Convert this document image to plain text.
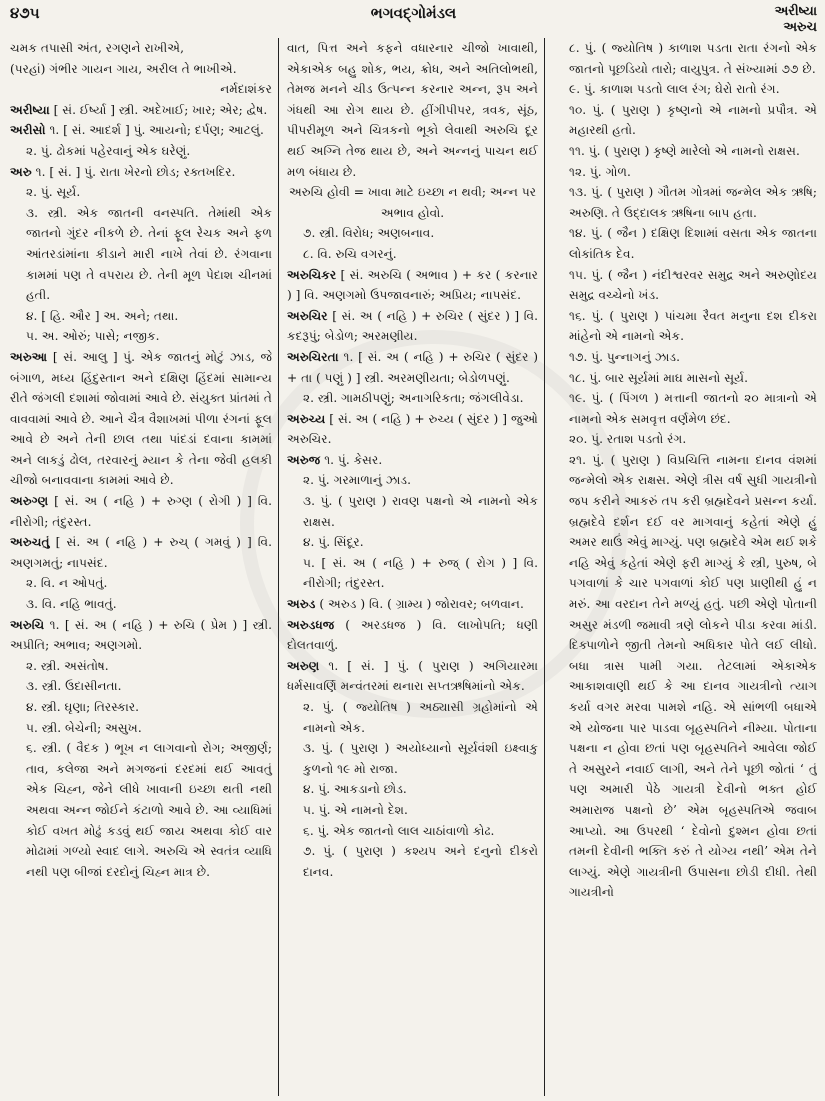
૪૭૫	ભગવદ્ગોમંડલ	અરીષ્યા
અરુચ

ચમક તપાસી અંત, રગણને રાખીએ,

(પરહાં) ગંભીર ગાયન ગાય, અરીલ તે ભાખીએ.

નર્મદાશંકર

અરીષ્યા [ સં. ઈર્ષ્યા ] સ્ત્રી. અદેખાઈ; ખાર; એર; દ્વેષ.

અરીસો ૧. [ સં. આદર્શ ] પું. આયનો; દર્પણ; આટલું.

૨. પું. ઢોકમાં પહેરવાનું એક ઘરેણું.

અરુ ૧. [ સં. ] પું. રાતા ખેરનો છોડ; રક્તખદિર.

૨. પું. સૂર્ય.

૩. સ્ત્રી. એક જાતની વનસ્પતિ. તેમાંથી એક જાતનો ગુંદર નીકળે છે. તેનાં ફૂલ રેચક અને ફળ આંતરડાંમાંના કીડાને મારી નાખે તેવાં છે. રંગવાના કામમાં પણ તે વપરાય છે. તેની મૂળ પેદાશ ચીનમાં હતી.

૪. [ હિ. ઔર ] અ. અને; તથા.

૫. અ. ઓરું; પાસે; નજીક.

અરુઆ [ સં. આલુ ] પું. એક જાતનું મોટું ઝાડ, જે બંગાળ, મધ્ય હિંદુસ્તાન અને દક્ષિણ હિંદમાં સામાન્ય રીતે જંગલી દશામાં જોવામાં આવે છે. સંયુક્ત પ્રાંતમાં તે વાવવામાં આવે છે. આને ચૈત્ર વૈશાખમાં પીળા રંગનાં ફૂલ આવે છે અને તેની છાલ તથા પાંદડાં દવાના કામમાં અને લાકડું ઢોલ, તરવારનું મ્યાન કે તેના જેવી હલકી ચીજો બનાવવાના કામમાં આવે છે.

અરુગ્ણ [ સં. અ ( નહિ ) + રુગ્ણ ( રોગી ) ] વિ. નીરોગી; તંદુરસ્ત.

અરુચતું [ સં. અ ( નહિ ) + રુચ્ ( ગમવું ) ] વિ. અણગમતું; નાપસંદ.

૨. વિ. ન ઓપતું.

૩. વિ. નહિ ભાવતું.

અરુચિ ૧. [ સં. અ ( નહિ ) + રુચિ ( પ્રેમ ) ] સ્ત્રી. અપ્રીતિ; અભાવ; અણગમો.

૨. સ્ત્રી. અસંતોષ.

૩. સ્ત્રી. ઉદાસીનતા.

૪. સ્ત્રી. ઘૃણા; તિરસ્કાર.

૫. સ્ત્રી. બેચેની; અસુખ.

૬. સ્ત્રી. ( વૈદક ) ભૂખ ન લાગવાનો રોગ; અજીર્ણ; તાવ, કલેજા અને મગજનાં દરદમાં થઈ આવતું એક ચિહ્ન, જેને લીધે ખાવાની ઇચ્છા થતી નથી અથવા અન્ન જોઈને કંટાળો આવે છે. આ વ્યાધિમાં કોઈ વખત મોઢું કડવું થઈ જાય અથવા કોઈ વાર મોઢામાં ગળ્યો સ્વાદ લાગે. અરુચિ એ સ્વતંત્ર વ્યાધિ નથી પણ બીજાં દરદોનું ચિહ્ન માત્ર છે.

વાત, પિત્ત અને કફને વધારનાર ચીજો ખાવાથી, એકાએક બહુ શોક, ભય, ક્રોધ, અને અતિલોભથી, તેમજ મનને ચીડ ઉત્પન્ન કરનાર અન્ન, રૂપ અને ગંધથી આ રોગ થાય છે. હીંગીપીપર, ત્રવક, સૂંઠ, પીપરીમૂળ અને ચિત્રકનો ભૂકો લેવાથી અરુચિ દૂર થઈ અગ્નિ તેજ થાય છે, અને અન્નનું પાચન થઈ મળ બંધાય છે.

અરુચિ હોવી = ખાવા માટે ઇચ્છા ન થવી; અન્ન પર અભાવ હોવો.

૭. સ્ત્રી. વિરોધ; અણબનાવ.

૮. વિ. રુચિ વગરનું.

અરુચિકર [ સં. અરુચિ ( અભાવ ) + કર ( કરનાર ) ] વિ. અણગમો ઉપજાવનારું; અપ્રિય; નાપસંદ.

અરુચિર [ સં. અ ( નહિ ) + રુચિર ( સુંદર ) ] વિ. કદરૂપું; બેડોળ; અરમણીય.

અરુચિરતા ૧. [ સં. અ ( નહિ ) + રુચિર ( સુંદર ) + તા ( પણું ) ] સ્ત્રી. અરમણીયતા; બેડોળપણું.

૨. સ્ત્રી. ગામઠીપણું; અનાગરિકતા; જંગલીવેડા.

અરુચ્ય [ સં. અ ( નહિ ) + રુચ્ય ( સુંદર ) ] જુઓ અરુચિર.

અરુજ ૧. પું. કેસર.

૨. પું. ગરમાળાનું ઝાડ.

૩. પું. ( પુરાણ ) રાવણ પક્ષનો એ નામનો એક રાક્ષસ.

૪. પું. સિંદૂર.

૫. [ સં. અ ( નહિ ) + રુજ્ ( રોગ ) ] વિ. નીરોગી; તંદુરસ્ત.

અરુડ ( અરુડ ) વિ. ( ગ્રામ્ય ) જોરાવર; બળવાન.

અરુડધજ ( અરડધજ ) વિ. લાખોપતિ; ધણી દોલતવાળું.

અરુણ ૧. [ સં. ] પું. ( પુરાણ ) અગિયારમા ધર્મસાવર્ણિ મન્વંતરમાં થનારા સપ્તઋષિમાંનો એક.

૨. પું. ( જ્યોતિષ ) અઠ્યાસી ગ્રહોમાંનો એ નામનો એક.

૩. પું. ( પુરાણ ) અયોધ્યાનો સૂર્યવંશી ઇક્ષ્વાકુ કુળનો ૧૯ મો રાજા.

૪. પું. આકડાનો છોડ.

૫. પું. એ નામનો દેશ.

૬. પું. એક જાતનો લાલ ચાઠાંવાળો કોઢ.

૭. પું. ( પુરાણ ) કશ્યપ અને દનુનો દીકરો દાનવ.

૮. પું. ( જ્યોતિષ ) કાળાશ પડતા રાતા રંગનો એક જાતનો પૂછડિયો તારો; વાયુપુત્ર. તે સંખ્યામાં ૭૭ છે.

૯. પું. કાળાશ પડતો લાલ રંગ; ઘેરો રાતો રંગ.

૧૦. પું. ( પુરાણ ) કૃષ્ણનો એ નામનો પ્રપૌત્ર. એ મહારથી હતો.

૧૧. પું. ( પુરાણ ) કૃષ્ણે મારેલો એ નામનો રાક્ષસ.

૧૨. પું. ગોળ.

૧૩. પું. ( પુરાણ ) ગૌતમ ગોત્રમાં જન્મેલ એક ઋષિ; અરુણિ. તે ઉદ્દાલક ઋષિના બાપ હતા.

૧૪. પું. ( જૈન ) દક્ષિણ દિશામાં વસતા એક જાતના લોકાંતિક દેવ.

૧૫. પું. ( જૈન ) નંદીશ્વરવર સમુદ્ર અને અરુણોદય સમુદ્ર વચ્ચેનો ખંડ.

૧૬. પું. ( પુરાણ ) પાંચમા રૈવત મનુના દશ દીકરા માંહેનો એ નામનો એક.

૧૭. પું. પુન્નાગનું ઝાડ.

૧૮. પું. બાર સૂર્યમાં માઘ માસનો સૂર્ય.

૧૯. પું. ( પિંગળ ) મત્તાની જાતનો ૨૦ માત્રાનો એ નામનો એક સમવૃત્ત વર્ણમેળ છંદ.

૨૦. પું. રતાશ પડતો રંગ.

૨૧. પું. ( પુરાણ ) વિપ્રચિત્તિ નામના દાનવ વંશમાં જન્મેલો એક રાક્ષસ. એણે ત્રીસ વર્ષ સુધી ગાયત્રીનો જપ કરીને આકરું તપ કરી બ્રહ્મદેવને પ્રસન્ન કર્યા. બ્રહ્મદેવે દર્શન દઈ વર માગવાનું કહેતાં એણે હું અમર થાઉં એવું માગ્યું. પણ બ્રહ્મદેવે એમ થઈ શકે નહિ એવું કહેતાં એણે ફરી માગ્યું કે સ્ત્રી, પુરુષ, બે પગવાળાં કે ચાર પગવાળાં કોઈ પણ પ્રાણીથી હું ન મરું. આ વરદાન તેને મળ્યું હતું. પછી એણે પોતાની અસુર મંડળી જમાવી ત્રણે લોકને પીડા કરવા માંડી. દિક્પાળોને જીતી તેમનો અધિકાર પોતે લઈ લીધો. બધા ત્રાસ પામી ગયા. તેટલામાં એકાએક આકાશવાણી થઈ કે આ દાનવ ગાયત્રીનો ત્યાગ કર્યા વગર મરવા પામશે નહિ. એ સાંભળી બધાએ એ યોજના પાર પાડવા બૃહસ્પતિને નીમ્યા. પોતાના પક્ષના ન હોવા છતાં પણ બૃહસ્પતિને આવેલા જોઈ તે અસુરને નવાઈ લાગી, અને તેને પૂછી જોતાં ‘ તું પણ અમારી પેઠે ગાયત્રી દેવીનો ભક્ત હોઈ અમારાજ પક્ષનો છે’ એમ બૃહસ્પતિએ જવાબ આપ્યો. આ ઉપરથી ‘ દેવોનો દુશ્મન હોવા છતાં તમની દેવીની ભક્તિ કરું તે યોગ્ય નથી’ એમ તેને લાગ્યું. એણે ગાયત્રીની ઉપાસના છોડી દીધી. તેથી ગાયત્રીનો
